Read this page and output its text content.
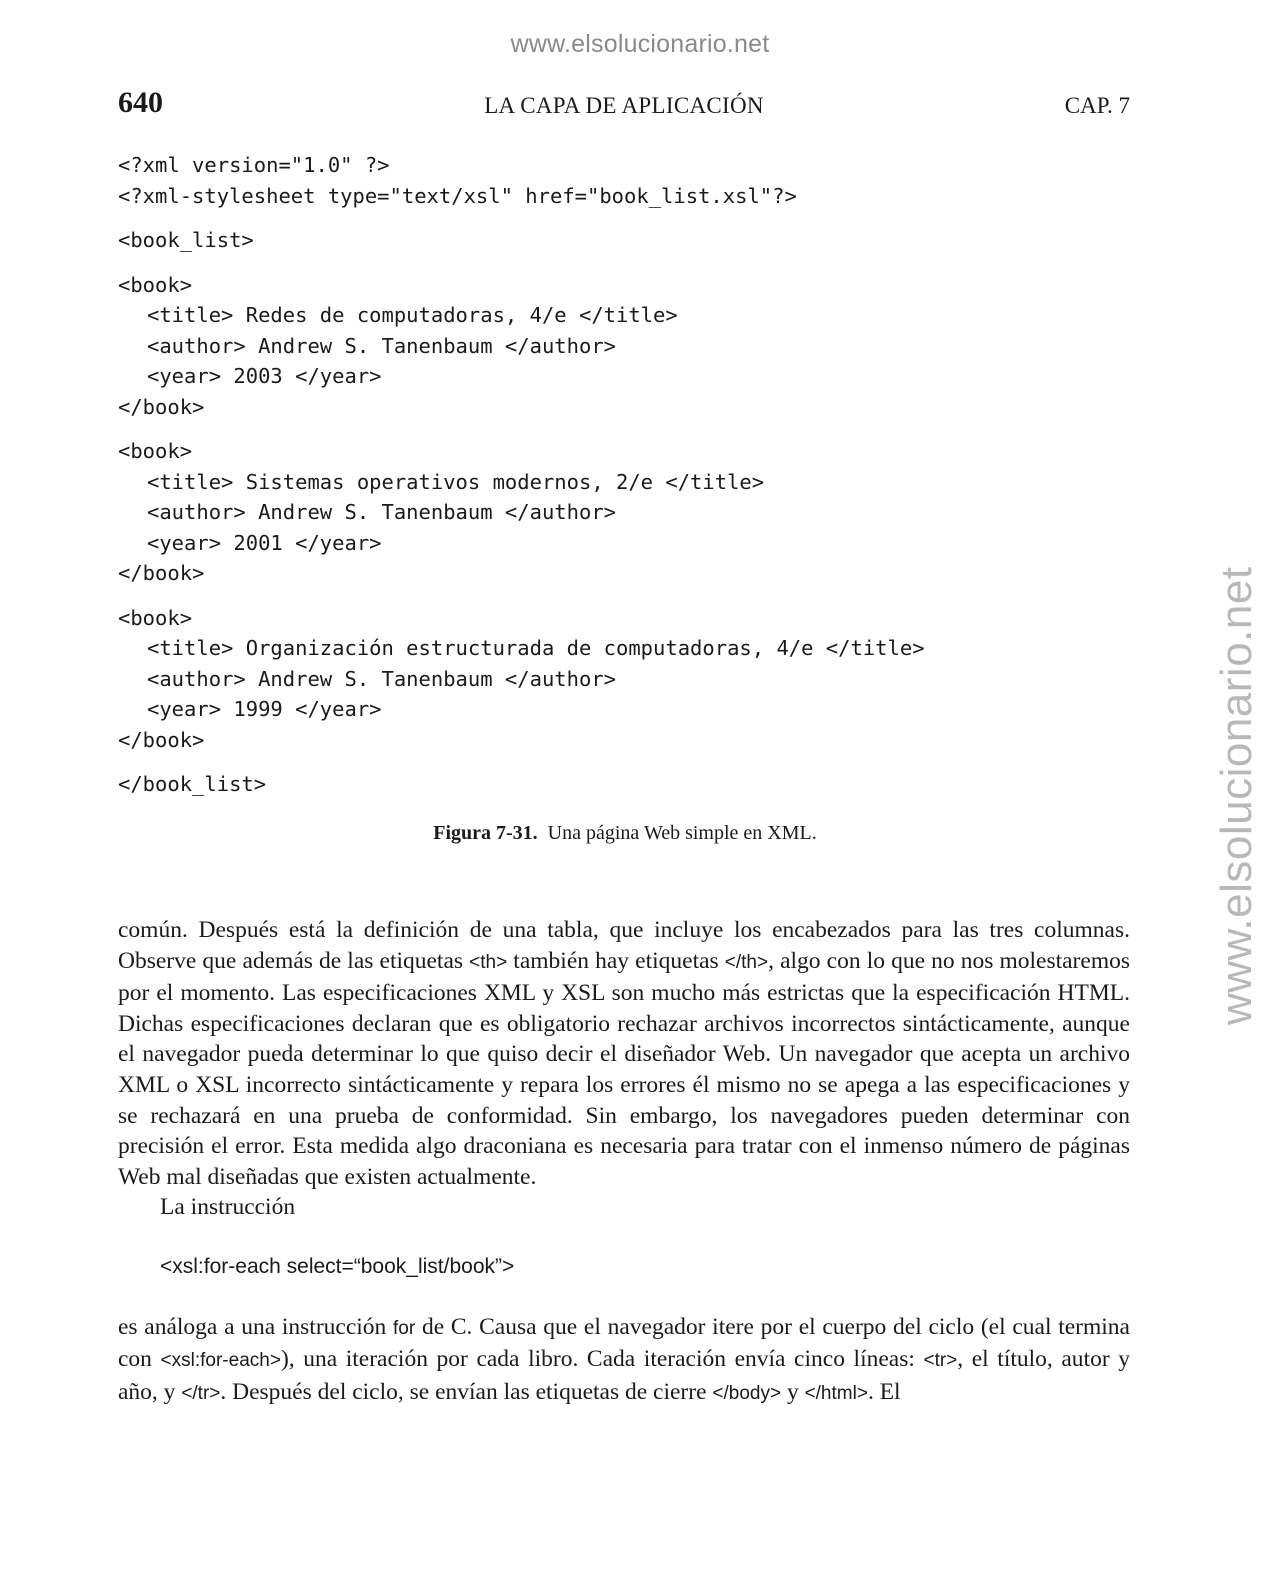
www.elsolucionario.net
www.elsolucionario.net
LA CAPA DE APLICACIÓN
640	CAP. 7
<?xml version="1.0" ?>
<?xml-stylesheet type="text/xsl" href="book_list.xsl"?>
<book_list>
<book>
<title> Redes de computadoras, 4/e </title>
<author> Andrew S. Tanenbaum </author>
<year> 2003 </year>
</book>
<book>
<title> Sistemas operativos modernos, 2/e </title>
<author> Andrew S. Tanenbaum </author>
<year> 2001 </year>
</book>
<book>
<title> Organización estructurada de computadoras, 4/e </title>
<author> Andrew S. Tanenbaum </author>
<year> 1999 </year>
</book>
</book_list>
Figura 7-31. Una página Web simple en XML.

común. Después está la definición de una tabla, que incluye los encabezados para las tres columnas. Observe que además de las etiquetas <th> también hay etiquetas </th>, algo con lo que no nos molestaremos por el momento. Las especificaciones XML y XSL son mucho más estrictas que la especificación HTML. Dichas especificaciones declaran que es obligatorio rechazar archivos incorrectos sintácticamente, aunque el navegador pueda determinar lo que quiso decir el diseñador Web. Un navegador que acepta un archivo XML o XSL incorrecto sintácticamente y repara los errores él mismo no se apega a las especificaciones y se rechazará en una prueba de conformidad. Sin embargo, los navegadores pueden determinar con precisión el error. Esta medida algo draconiana es necesaria para tratar con el inmenso número de páginas Web mal diseñadas que existen actualmente.

La instrucción

<xsl:for-each select=“book_list/book”>

es análoga a una instrucción for de C. Causa que el navegador itere por el cuerpo del ciclo (el cual termina con <xsl:for-each>), una iteración por cada libro. Cada iteración envía cinco líneas: <tr>, el título, autor y año, y </tr>. Después del ciclo, se envían las etiquetas de cierre </body> y </html>. El
